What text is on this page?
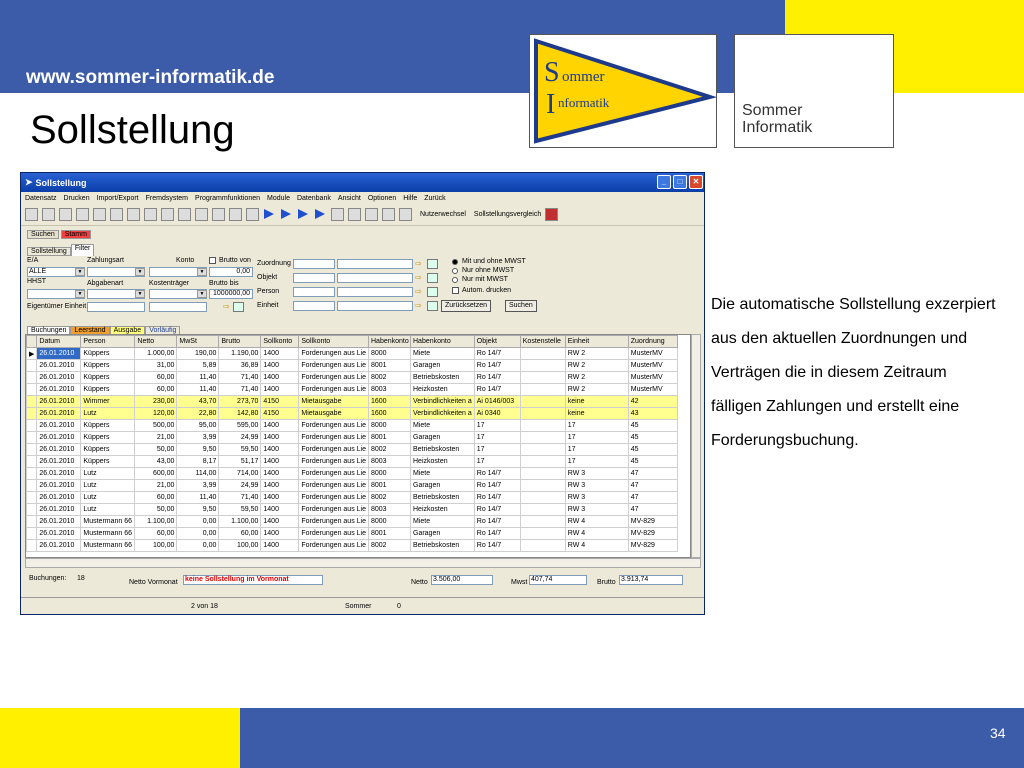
www.sommer-informatik.de
Sollstellung
S ommer
I nformatik	Sommer
Informatik
Die automatische Sollstellung exzerpiert aus den aktuellen Zuordnungen und Verträgen die in diesem Zeitraum fälligen Zahlungen und erstellt eine Forderungsbuchung.
34
➤ Sollstellung	_	□	✕
Datensatz Drucken Import/Export Fremdsystem Programmfunktionen Module Datenbank Ansicht Optionen Hilfe Zurück
Nutzerwechsel Sollstellungsvergleich
Suchen	Stamm
Sollstellung	Filter
E/A	Zahlungsart	Konto	Brutto von
ALLE	▼	▼	▼	0,00
HHST	Abgabenart	Kostenträger	Brutto bis
▼	▼	▼	1000000,00
Eigentümer Einheit	⇨
Zuordnung
Objekt
Person
Einheit
⇨
⇨
⇨
⇨
Mit und ohne MWST
Nur ohne MWST
Nur mit MWST
Autom. drucken
Zurücksetzen	Suchen
Buchungen	Leerstand	Ausgabe	Vorläufig
	Datum	Person	Netto	MwSt	Brutto	Sollkonto	Sollkonto	Habenkonto	Habenkonto	Objekt	Kostenstelle	Einheit	Zuordnung
▶	26.01.2010	Küppers	1.000,00	190,00	1.190,00	1400	Forderungen aus Lie	8000	Miete	Ro 14/7		RW 2	MusterMV
	26.01.2010	Küppers	31,00	5,89	36,89	1400	Forderungen aus Lie	8001	Garagen	Ro 14/7		RW 2	MusterMV
	26.01.2010	Küppers	60,00	11,40	71,40	1400	Forderungen aus Lie	8002	Betriebskosten	Ro 14/7		RW 2	MusterMV
	26.01.2010	Küppers	60,00	11,40	71,40	1400	Forderungen aus Lie	8003	Heizkosten	Ro 14/7		RW 2	MusterMV
	26.01.2010	Wimmer	230,00	43,70	273,70	4150	Mietausgabe	1600	Verbindlichkeiten a	Ai 0146/003		keine	42
	26.01.2010	Lutz	120,00	22,80	142,80	4150	Mietausgabe	1600	Verbindlichkeiten a	Ai 0340		keine	43
	26.01.2010	Küppers	500,00	95,00	595,00	1400	Forderungen aus Lie	8000	Miete	17		17	45
	26.01.2010	Küppers	21,00	3,99	24,99	1400	Forderungen aus Lie	8001	Garagen	17		17	45
	26.01.2010	Küppers	50,00	9,50	59,50	1400	Forderungen aus Lie	8002	Betriebskosten	17		17	45
	26.01.2010	Küppers	43,00	8,17	51,17	1400	Forderungen aus Lie	8003	Heizkosten	17		17	45
	26.01.2010	Lutz	600,00	114,00	714,00	1400	Forderungen aus Lie	8000	Miete	Ro 14/7		RW 3	47
	26.01.2010	Lutz	21,00	3,99	24,99	1400	Forderungen aus Lie	8001	Garagen	Ro 14/7		RW 3	47
	26.01.2010	Lutz	60,00	11,40	71,40	1400	Forderungen aus Lie	8002	Betriebskosten	Ro 14/7		RW 3	47
	26.01.2010	Lutz	50,00	9,50	59,50	1400	Forderungen aus Lie	8003	Heizkosten	Ro 14/7		RW 3	47
	26.01.2010	Mustermann 66	1.100,00	0,00	1.100,00	1400	Forderungen aus Lie	8000	Miete	Ro 14/7		RW 4	MV-829
	26.01.2010	Mustermann 66	60,00	0,00	60,00	1400	Forderungen aus Lie	8001	Garagen	Ro 14/7		RW 4	MV-829
	26.01.2010	Mustermann 66	100,00	0,00	100,00	1400	Forderungen aus Lie	8002	Betriebskosten	Ro 14/7		RW 4	MV-829
Buchungen: 18
Netto Vormonat keine Sollstellung im Vormonat	Netto 3.506,00	Mwst 407,74	Brutto 3.913,74
2 von 18	Sommer	0
